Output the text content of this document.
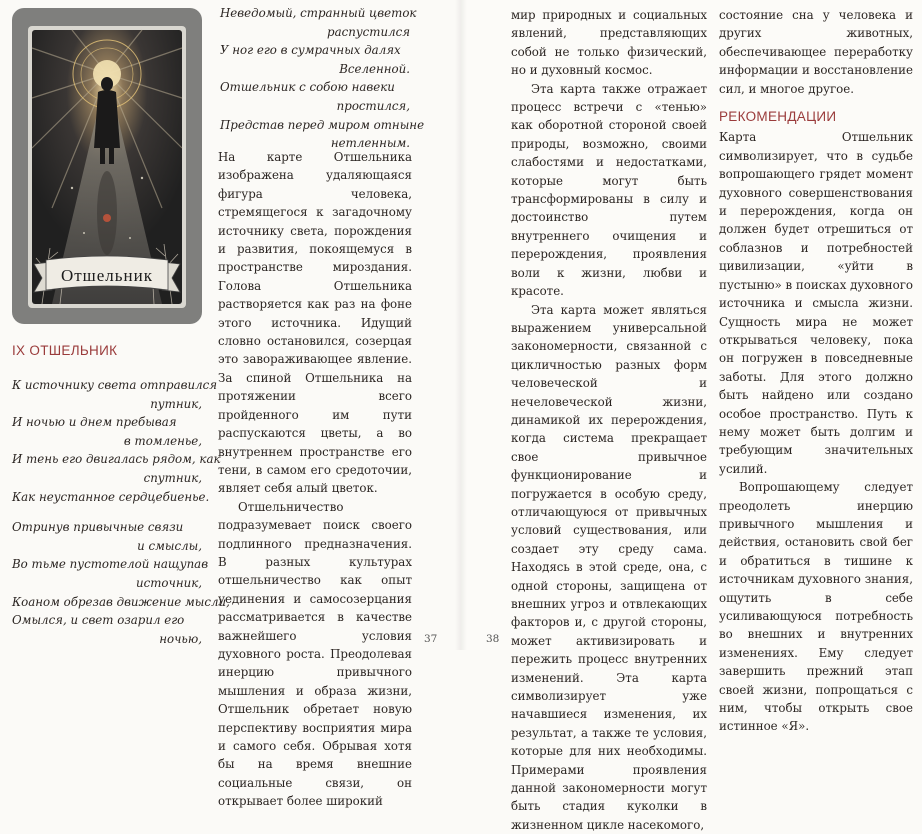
Отшельник
IX ОТШЕЛЬНИК
К источнику света отправился
путник,
И ночью и днем пребывая
в томленье,
И тень его двигалась рядом, как
спутник,
Как неустанное сердцебиенье.
Отринув привычные связи
и смыслы,
Во тьме пустотелой нащупав
источник,
Коаном обрезав движение мысли,
Омылся, и свет озарил его
ночью,
Неведомый, странный цветок
распустился
У ног его в сумрачных далях
Вселенной.
Отшельник с собою навеки
простился,
Представ перед миром отныне
нетленным.

На карте Отшельника изображена удаляющаяся фигура человека, стремящегося к загадочному источнику света, порождения и развития, покоящемуся в пространстве мироздания. Голова Отшельника растворяется как раз на фоне этого источника. Идущий словно остановился, созерцая это завораживающее явление. За спиной Отшельника на протяжении всего пройденного им пути распускаются цветы, а во внутреннем пространстве его тени, в самом его средоточии, являет себя алый цветок.

Отшельничество подразумевает поиск своего подлинного предназначения. В разных культурах отшельничество как опыт уединения и самосозерцания рассматривается в качестве важнейшего условия духовного роста. Преодолевая инерцию привычного мышления и образа жизни, Отшельник обретает новую перспективу восприятия мира и самого себя. Обрывая хотя бы на время внешние социальные связи, он открывает более широкий

37

мир природных и социальных явлений, представляющих собой не только физический, но и духовный космос.

Эта карта также отражает процесс встречи с «тенью» как оборотной стороной своей природы, возможно, своими слабостями и недостатками, которые могут быть трансформированы в силу и достоинство путем внутреннего очищения и перерождения, проявления воли к жизни, любви и красоте.

Эта карта может являться выражением универсальной закономерности, связанной с цикличностью разных форм человеческой и нечеловеческой жизни, динамикой их перерождения, когда система прекращает свое привычное функционирование и погружается в особую среду, отличающуюся от привычных условий существования, или создает эту среду сама. Находясь в этой среде, она, с одной стороны, защищена от внешних угроз и отвлекающих факторов и, с другой стороны, может активизировать и пережить процесс внутренних изменений. Эта карта символизирует уже начавшиеся изменения, их результат, а также те условия, которые для них необходимы. Примерами проявления данной закономерности могут быть стадия куколки в жизненном цикле насекомого,

состояние сна у человека и других животных, обеспечивающее переработку информации и восстановление сил, и многое другое.

РЕКОМЕНДАЦИИ

Карта Отшельник символизирует, что в судьбе вопрошающего грядет момент духовного совершенствования и перерождения, когда он должен будет отрешиться от соблазнов и потребностей цивилизации, «уйти в пустыню» в поисках духовного источника и смысла жизни. Сущность мира не может открываться человеку, пока он погружен в повседневные заботы. Для этого должно быть найдено или создано особое пространство. Путь к нему может быть долгим и требующим значительных усилий.

Вопрошающему следует преодолеть инерцию привычного мышления и действия, остановить свой бег и обратиться в тишине к источникам духовного знания, ощутить в себе усиливающуюся потребность во внешних и внутренних изменениях. Ему следует завершить прежний этап своей жизни, попрощаться с ним, чтобы открыть свое истинное «Я».

38
